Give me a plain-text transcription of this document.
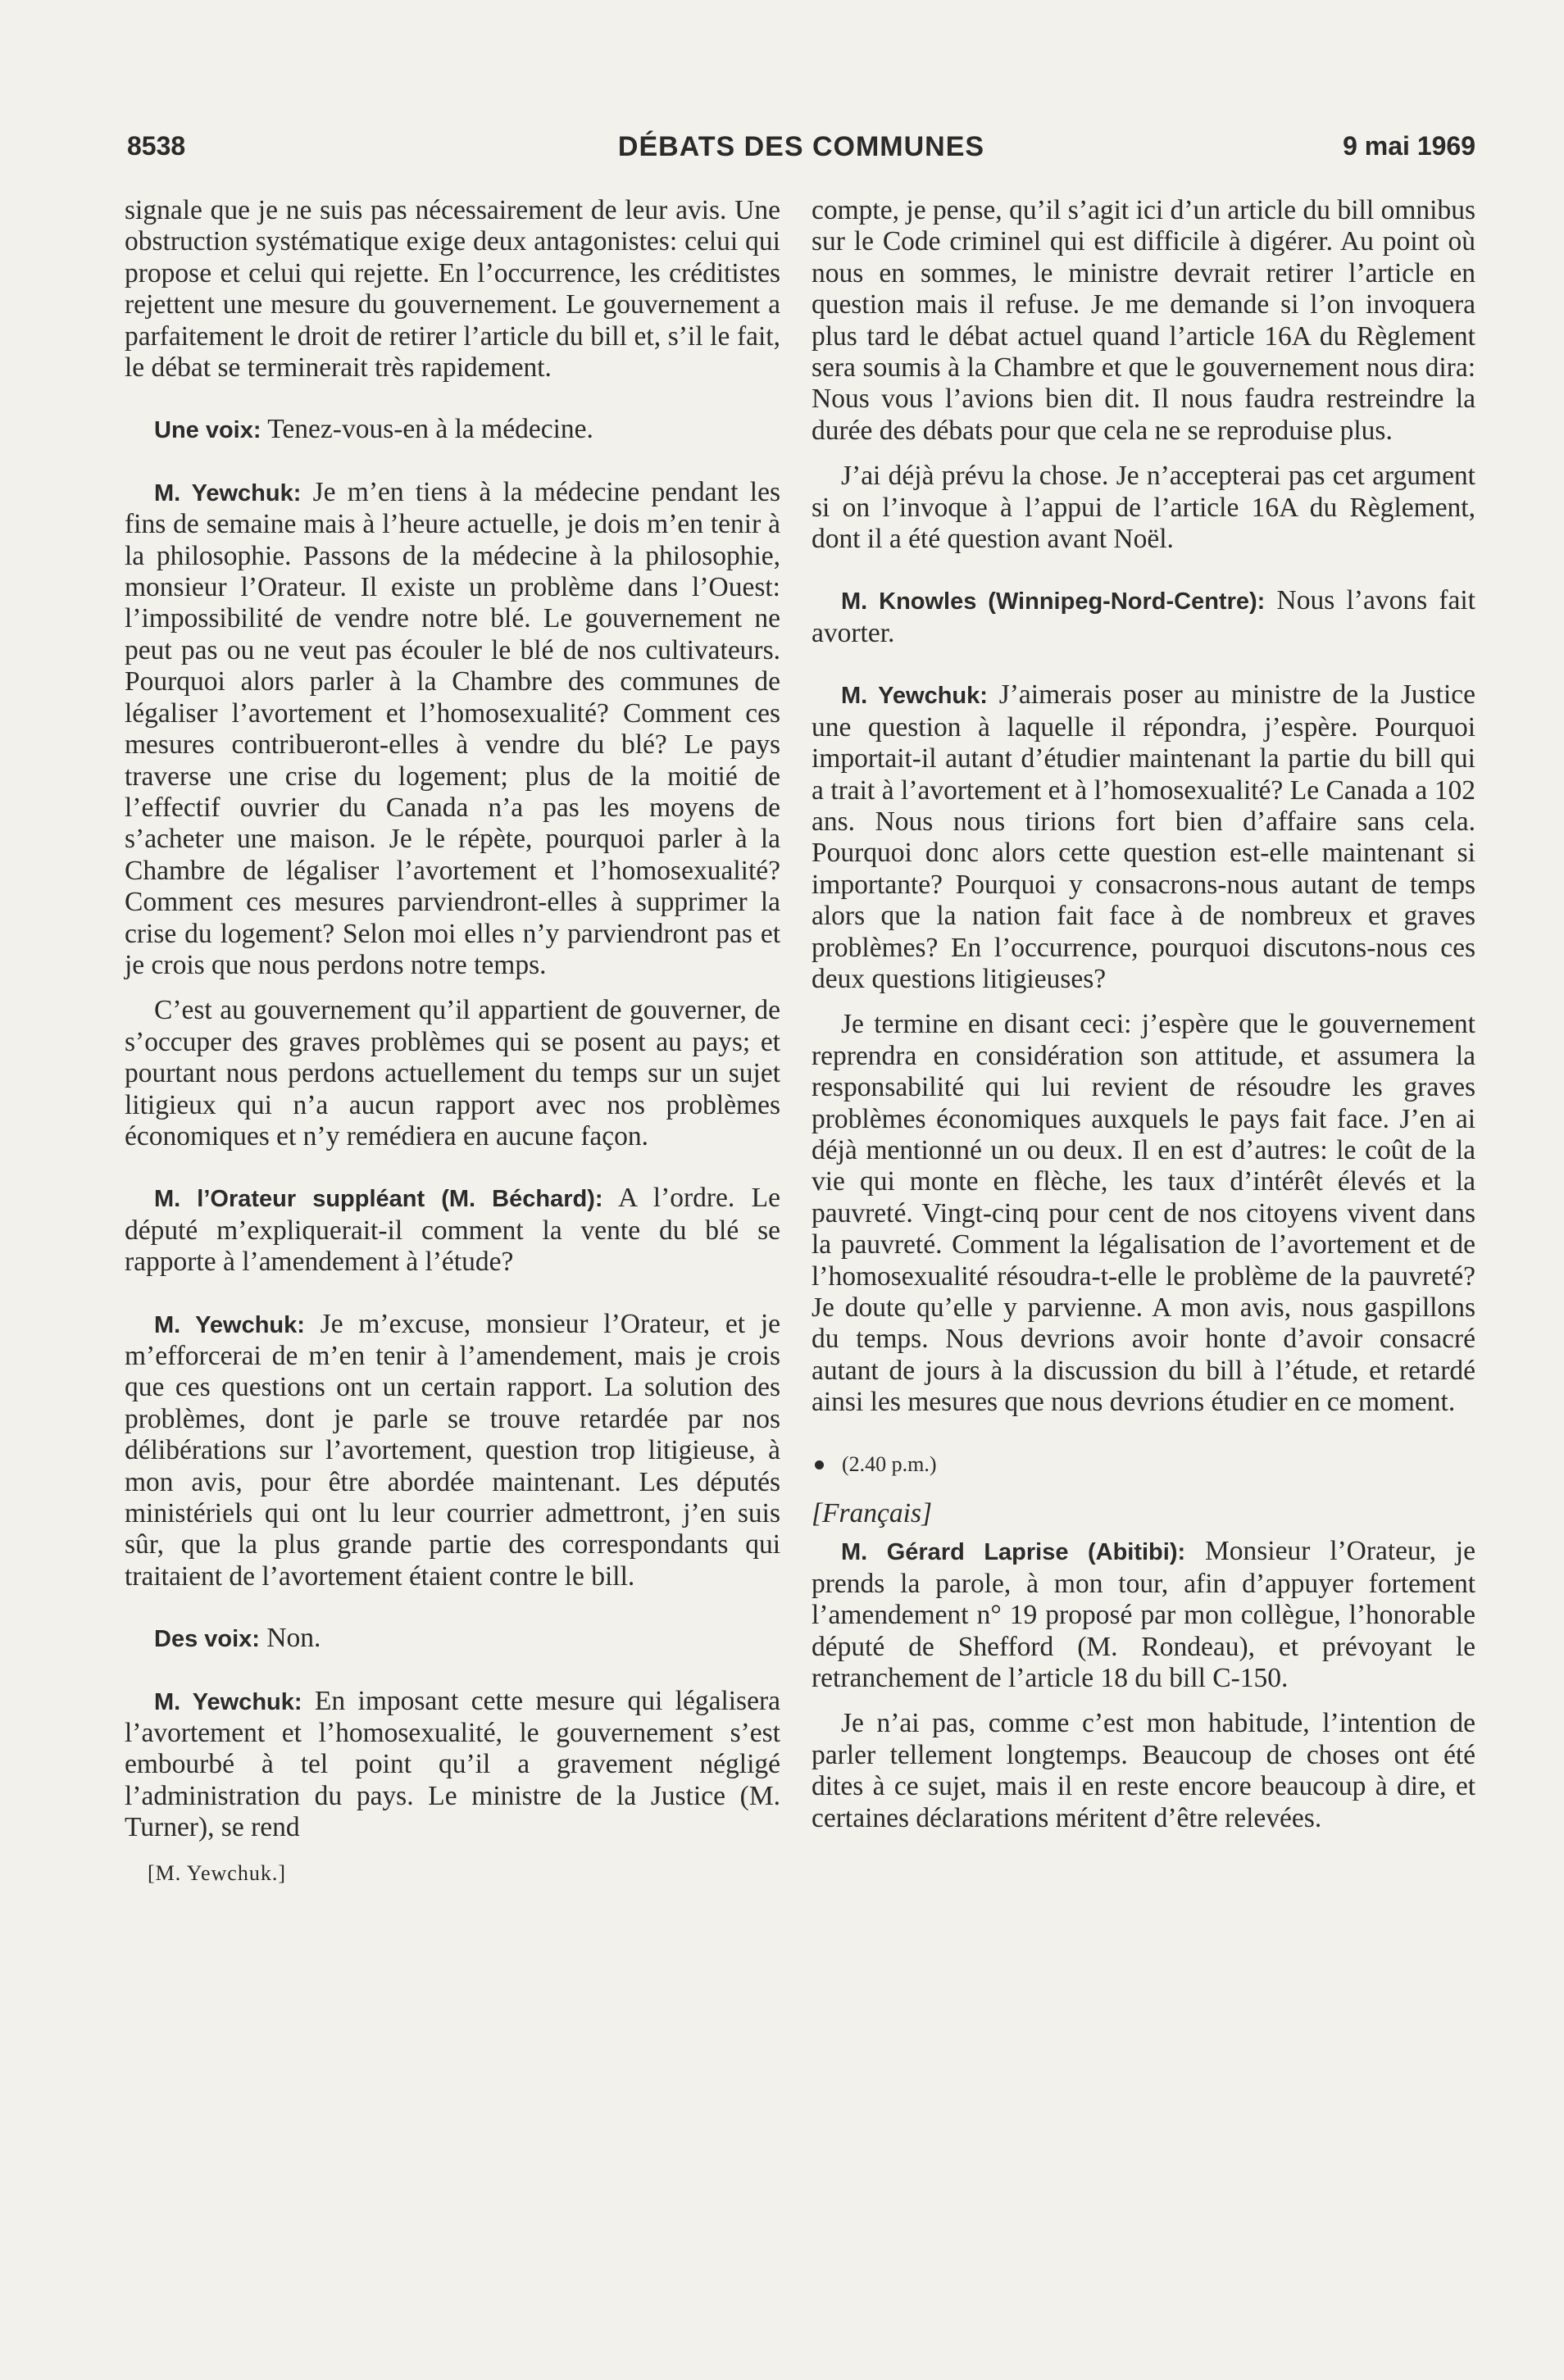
8538	DÉBATS DES COMMUNES	9 mai 1969

signale que je ne suis pas nécessairement de leur avis. Une obstruction systématique exige deux antagonistes: celui qui propose et celui qui rejette. En l’occurrence, les créditistes rejettent une mesure du gouvernement. Le gouvernement a parfaitement le droit de retirer l’article du bill et, s’il le fait, le débat se terminerait très rapidement.

Une voix: Tenez-vous-en à la médecine.

M. Yewchuk: Je m’en tiens à la médecine pendant les fins de semaine mais à l’heure actuelle, je dois m’en tenir à la philosophie. Passons de la médecine à la philosophie, monsieur l’Orateur. Il existe un problème dans l’Ouest: l’impossibilité de vendre notre blé. Le gouvernement ne peut pas ou ne veut pas écouler le blé de nos cultivateurs. Pourquoi alors parler à la Chambre des communes de légaliser l’avortement et l’homosexualité? Comment ces mesures contribueront-elles à vendre du blé? Le pays traverse une crise du logement; plus de la moitié de l’effectif ouvrier du Canada n’a pas les moyens de s’acheter une maison. Je le répète, pourquoi parler à la Chambre de légaliser l’avortement et l’homosexualité? Comment ces mesures parviendront-elles à supprimer la crise du logement? Selon moi elles n’y parviendront pas et je crois que nous perdons notre temps.

C’est au gouvernement qu’il appartient de gouverner, de s’occuper des graves problèmes qui se posent au pays; et pourtant nous perdons actuellement du temps sur un sujet litigieux qui n’a aucun rapport avec nos problèmes économiques et n’y remédiera en aucune façon.

M. l’Orateur suppléant (M. Béchard): A l’ordre. Le député m’expliquerait-il comment la vente du blé se rapporte à l’amendement à l’étude?

M. Yewchuk: Je m’excuse, monsieur l’Orateur, et je m’efforcerai de m’en tenir à l’amendement, mais je crois que ces questions ont un certain rapport. La solution des problèmes, dont je parle se trouve retardée par nos délibérations sur l’avortement, question trop litigieuse, à mon avis, pour être abordée maintenant. Les députés ministériels qui ont lu leur courrier admettront, j’en suis sûr, que la plus grande partie des correspondants qui traitaient de l’avortement étaient contre le bill.

Des voix: Non.

M. Yewchuk: En imposant cette mesure qui légalisera l’avortement et l’homosexualité, le gouvernement s’est embourbé à tel point qu’il a gravement négligé l’administration du pays. Le ministre de la Justice (M. Turner), se rend

[M. Yewchuk.]

compte, je pense, qu’il s’agit ici d’un article du bill omnibus sur le Code criminel qui est difficile à digérer. Au point où nous en sommes, le ministre devrait retirer l’article en question mais il refuse. Je me demande si l’on invoquera plus tard le débat actuel quand l’article 16A du Règlement sera soumis à la Chambre et que le gouvernement nous dira: Nous vous l’avions bien dit. Il nous faudra restreindre la durée des débats pour que cela ne se reproduise plus.

J’ai déjà prévu la chose. Je n’accepterai pas cet argument si on l’invoque à l’appui de l’article 16A du Règlement, dont il a été question avant Noël.

M. Knowles (Winnipeg-Nord-Centre): Nous l’avons fait avorter.

M. Yewchuk: J’aimerais poser au ministre de la Justice une question à laquelle il répondra, j’espère. Pourquoi importait-il autant d’étudier maintenant la partie du bill qui a trait à l’avortement et à l’homosexualité? Le Canada a 102 ans. Nous nous tirions fort bien d’affaire sans cela. Pourquoi donc alors cette question est-elle maintenant si importante? Pourquoi y consacrons-nous autant de temps alors que la nation fait face à de nombreux et graves problèmes? En l’occurrence, pourquoi discutons-nous ces deux questions litigieuses?

Je termine en disant ceci: j’espère que le gouvernement reprendra en considération son attitude, et assumera la responsabilité qui lui revient de résoudre les graves problèmes économiques auxquels le pays fait face. J’en ai déjà mentionné un ou deux. Il en est d’autres: le coût de la vie qui monte en flèche, les taux d’intérêt élevés et la pauvreté. Vingt-cinq pour cent de nos citoyens vivent dans la pauvreté. Comment la légalisation de l’avortement et de l’homosexualité résoudra-t-elle le problème de la pauvreté? Je doute qu’elle y parvienne. A mon avis, nous gaspillons du temps. Nous devrions avoir honte d’avoir consacré autant de jours à la discussion du bill à l’étude, et retardé ainsi les mesures que nous devrions étudier en ce moment.

(2.40 p.m.)
[Français]

M. Gérard Laprise (Abitibi): Monsieur l’Orateur, je prends la parole, à mon tour, afin d’appuyer fortement l’amendement n° 19 proposé par mon collègue, l’honorable député de Shefford (M. Rondeau), et prévoyant le retranchement de l’article 18 du bill C-150.

Je n’ai pas, comme c’est mon habitude, l’intention de parler tellement longtemps. Beaucoup de choses ont été dites à ce sujet, mais il en reste encore beaucoup à dire, et certaines déclarations méritent d’être relevées.
